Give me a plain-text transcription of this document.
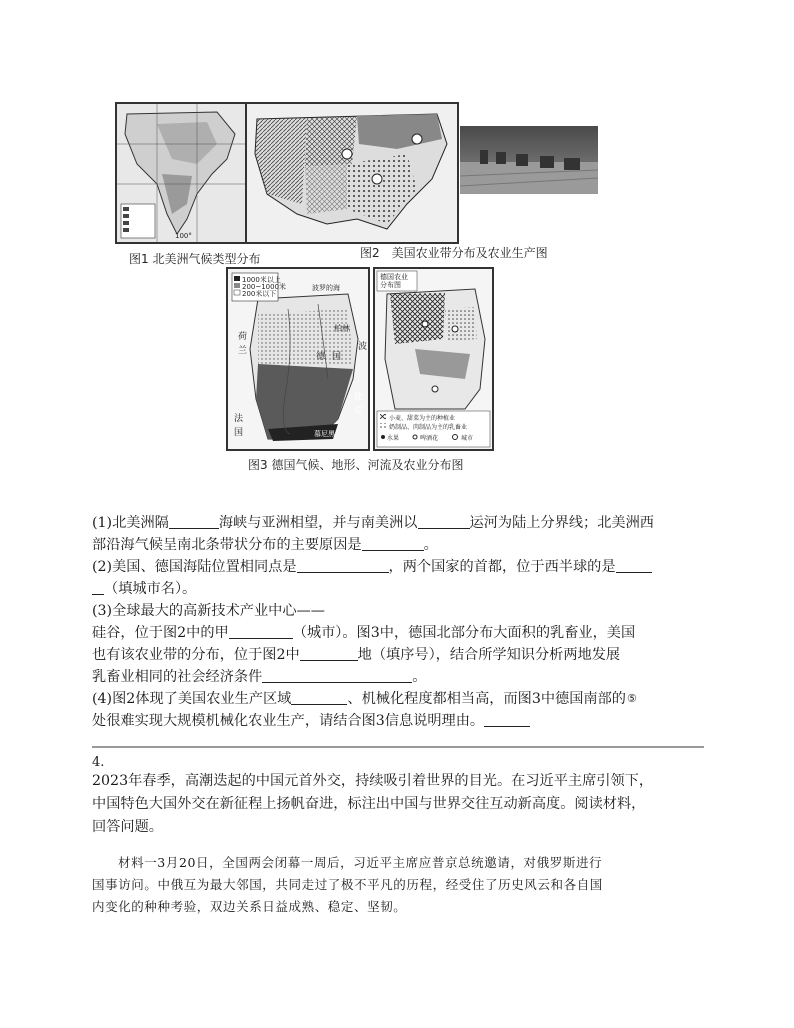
100°
图1 北美洲气候类型分布	图2　美国农业带分布及农业生产图
1000米以上
200~1000米
200米以下
波罗的海
荷
兰
柏林
波
德 国
捷
克
法
国	慕尼黑
德国农业
分布图
小麦、甜菜为主的种植业
奶制品、肉制品为主的乳畜业
水果	啤酒花	城市
图3 德国气候、地形、河流及农业分布图
(1)北美洲隔	海峡与亚洲相望，并与南美洲以	运河为陆上分界线；北美洲西
部沿海气候呈南北条带状分布的主要原因是	。
(2)美国、德国海陆位置相同点是	，两个国家的首都，位于西半球的是
（填城市名）。
(3)全球最大的高新技术产业中心——
硅谷，位于图2中的甲	（城市）。图3中，德国北部分布大面积的乳畜业，美国
也有该农业带的分布，位于图2中	地（填序号），结合所学知识分析两地发展
乳畜业相同的社会经济条件	。
(4)图2体现了美国农业生产区域	、机械化程度都相当高，而图3中德国南部的⑤
处很难实现大规模机械化农业生产，请结合图3信息说明理由。
4.
2023年春季，高潮迭起的中国元首外交，持续吸引着世界的目光。在习近平主席引领下，
中国特色大国外交在新征程上扬帆奋进，标注出中国与世界交往互动新高度。阅读材料，
回答问题。
材料一3月20日，全国两会闭幕一周后，习近平主席应普京总统邀请，对俄罗斯进行
国事访问。中俄互为最大邻国，共同走过了极不平凡的历程，经受住了历史风云和各自国
内变化的种种考验，双边关系日益成熟、稳定、坚韧。
